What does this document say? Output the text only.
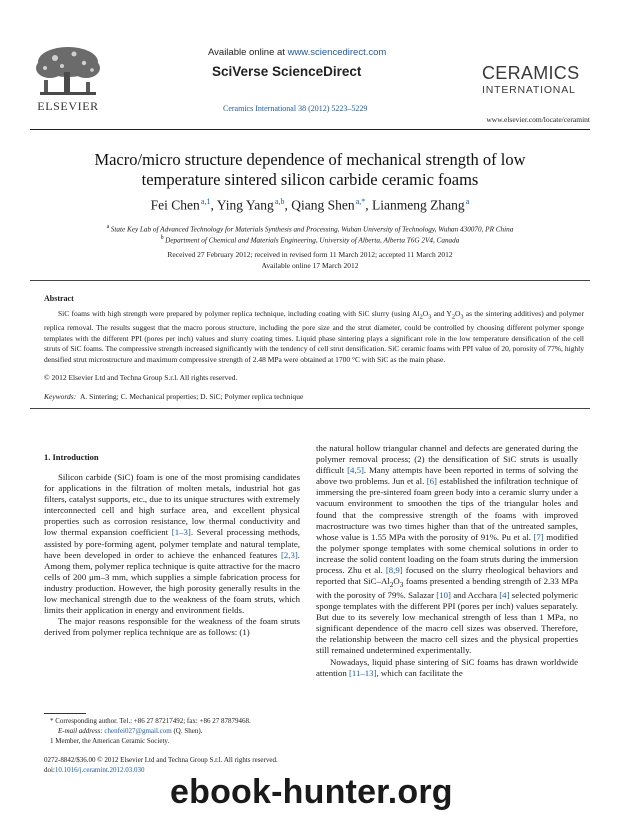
ELSEVIER
Available online at www.sciencedirect.com
SciVerse ScienceDirect
Ceramics International 38 (2012) 5223–5229
CERAMICS
INTERNATIONAL
www.elsevier.com/locate/ceramint
Macro/micro structure dependence of mechanical strength of low
temperature sintered silicon carbide ceramic foams
Fei Chen $^{a,1}$, Ying Yang $^{a,b}$, Qiang Shen $^{a,*}$, Lianmeng Zhang $^a$
$^a$ State Key Lab of Advanced Technology for Materials Synthesis and Processing, Wuhan University of Technology, Wuhan 430070, PR China
$^b$ Department of Chemical and Materials Engineering, University of Alberta, Alberta T6G 2V4, Canada
Received 27 February 2012; received in revised form 11 March 2012; accepted 11 March 2012
Available online 17 March 2012
Abstract
SiC foams with high strength were prepared by polymer replica technique, including coating with SiC slurry (using $Al_2O_3$ and $Y_2O_3$ as the sintering additives) and polymer replica removal. The results suggest that the macro porous structure, including the pore size and the strut diameter, could be controlled by choosing different polymer sponge templates with the different PPI (pores per inch) values and slurry coating times. Liquid phase sintering plays a significant role in the low temperature densification of the cell struts of SiC foams. The compressive strength increased significantly with the tendency of cell strut densification. SiC ceramic foams with PPI value of 20, porosity of 77%, highly densified strut microstructure and maximum compressive strength of 2.48 MPa were obtained at 1700 °C with SiC as the main phase.
© 2012 Elsevier Ltd and Techna Group S.r.l. All rights reserved.
Keywords: A. Sintering; C. Mechanical properties; D. SiC; Polymer replica technique
1. Introduction

Silicon carbide (SiC) foam is one of the most promising candidates for applications in the filtration of molten metals, industrial hot gas filters, catalyst supports, etc., due to its unique structures with extremely interconnected cell and high surface area, and excellent physical properties such as corrosion resistance, low thermal conductivity and low thermal expansion coefficient [1–3]. Several processing methods, assisted by pore-forming agent, polymer template and natural template, have been developed in order to achieve the enhanced features [2,3]. Among them, polymer replica technique is quite attractive for the macro cells of 200 μm–3 mm, which supplies a simple fabrication process for industry production. However, the high porosity generally results in the low mechanical strength due to the weakness of the foam struts, which limits their application in energy and environment fields.

The major reasons responsible for the weakness of the foam struts derived from polymer replica technique are as follows: (1)

the natural hollow triangular channel and defects are generated during the polymer removal process; (2) the densification of SiC struts is usually difficult [4,5]. Many attempts have been reported in terms of solving the above two problems. Jun et al. [6] established the infiltration technique of immersing the pre-sintered foam green body into a ceramic slurry under a vacuum environment to smoothen the tips of the triangular holes and found that the compressive strength of the foams with improved macrostructure was two times higher than that of the untreated samples, whose value is 1.55 MPa with the porosity of 91%. Pu et al. [7] modified the polymer sponge templates with some chemical solutions in order to increase the solid content loading on the foam struts during the immersion process. Zhu et al. [8,9] focused on the slurry rheological behaviors and reported that SiC–$Al_2O_3$ foams presented a bending strength of 2.33 MPa with the porosity of 79%. Salazar [10] and Acchara [4] selected polymeric sponge templates with the different PPI (pores per inch) values separately. But due to its severely low mechanical strength of less than 1 MPa, no significant dependence of the macro cell sizes was observed. Therefore, the relationship between the macro cell sizes and the physical properties still remained undetermined experimentally.

Nowadays, liquid phase sintering of SiC foams has drawn worldwide attention [11–13], which can facilitate the

* Corresponding author. Tel.: +86 27 87217492; fax: +86 27 87879468.
E-mail address: chenfei027@gmail.com (Q. Shen).
1 Member, the American Ceramic Society.
0272-8842/$36.00 © 2012 Elsevier Ltd and Techna Group S.r.l. All rights reserved.
doi:10.1016/j.ceramint.2012.03.030
ebook-hunter.org
